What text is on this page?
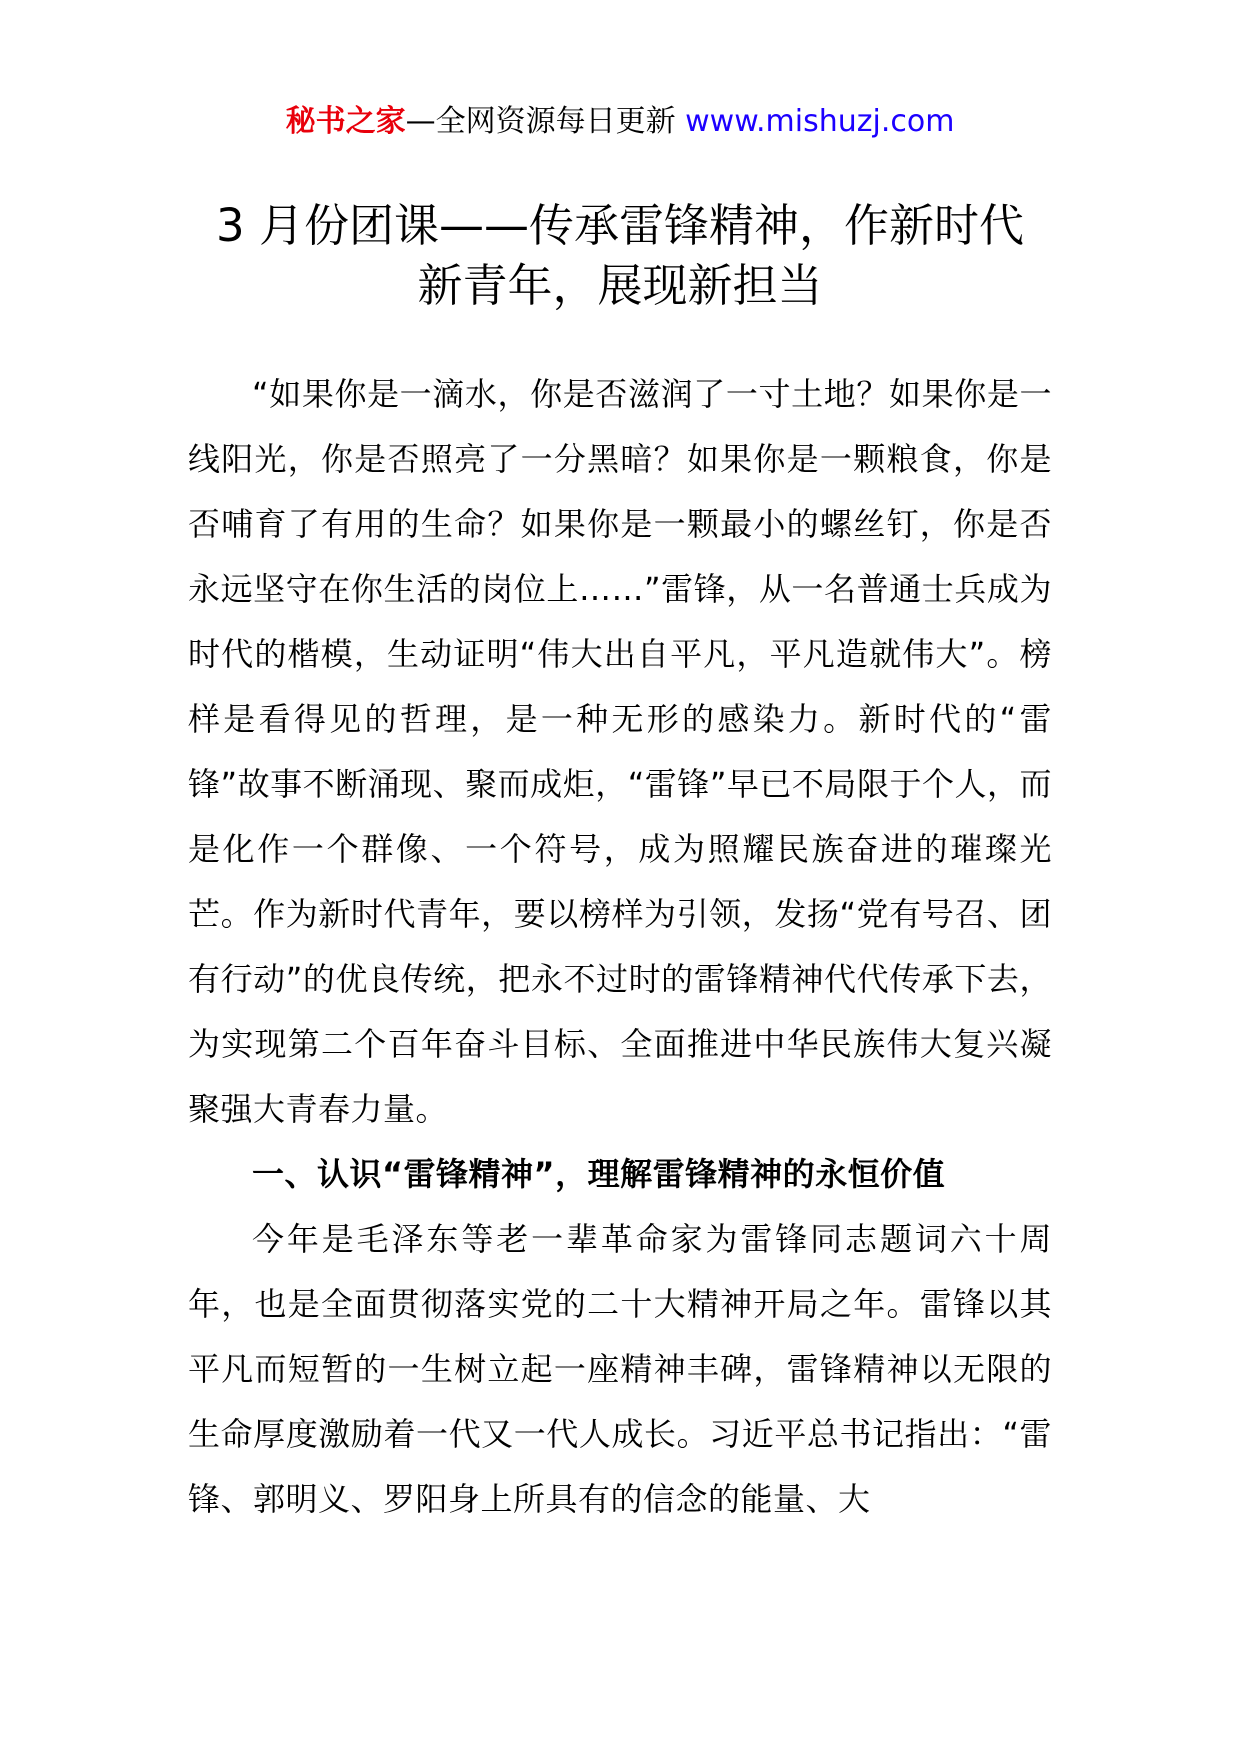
秘书之家—全网资源每日更新 www.mishuzj.com
3 月份团课——传承雷锋精神，作新时代
新青年，展现新担当

“如果你是一滴水，你是否滋润了一寸土地？如果你是一线阳光，你是否照亮了一分黑暗？如果你是一颗粮食，你是否哺育了有用的生命？如果你是一颗最小的螺丝钉，你是否永远坚守在你生活的岗位上……”雷锋，从一名普通士兵成为时代的楷模，生动证明“伟大出自平凡，平凡造就伟大”。榜样是看得见的哲理，是一种无形的感染力。新时代的“雷锋”故事不断涌现、聚而成炬，“雷锋”早已不局限于个人，而是化作一个群像、一个符号，成为照耀民族奋进的璀璨光芒。作为新时代青年，要以榜样为引领，发扬“党有号召、团有行动”的优良传统，把永不过时的雷锋精神代代传承下去，为实现第二个百年奋斗目标、全面推进中华民族伟大复兴凝聚强大青春力量。

一、认识“雷锋精神”，理解雷锋精神的永恒价值

今年是毛泽东等老一辈革命家为雷锋同志题词六十周年，也是全面贯彻落实党的二十大精神开局之年。雷锋以其平凡而短暂的一生树立起一座精神丰碑，雷锋精神以无限的生命厚度激励着一代又一代人成长。习近平总书记指出：“雷锋、郭明义、罗阳身上所具有的信念的能量、大
